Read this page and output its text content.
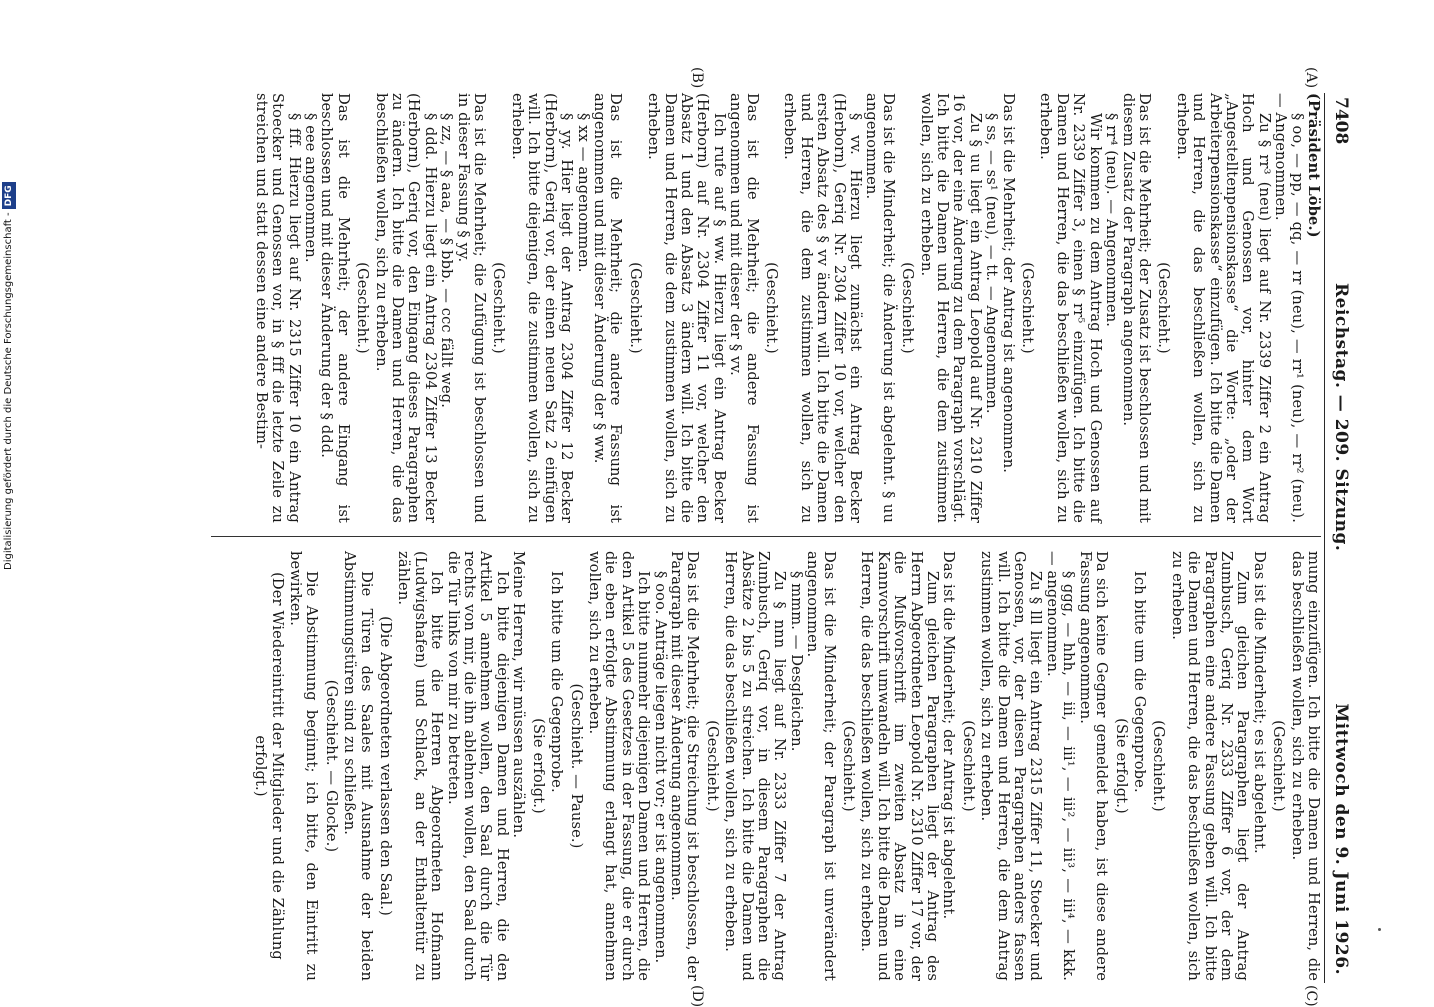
7408
Reichstag. — 209. Sitzung.
Mittwoch den 9. Juni 1926.

(Präsident Löbe.)

§ oo, — pp, — qq, — rr (neu), — rr¹ (neu), — rr² (neu). — Angenommen.

Zu § rr³ (neu) liegt auf Nr. 2339 Ziffer 2 ein Antrag Hoch und Genossen vor, hinter dem Wort „Angestelltenpensionskasse“ die Worte: „oder der Arbeiterpensionskasse“ einzufügen. Ich bitte die Damen und Herren, die das beschließen wollen, sich zu erheben.

(Geschieht.)

Das ist die Mehrheit; der Zusatz ist beschlossen und mit diesem Zusatz der Paragraph angenommen.

§ rr⁴ (neu). — Angenommen.

Wir kommen zu dem Antrag Hoch und Genossen auf Nr. 2339 Ziffer 3, einen § rr⁵ einzufügen. Ich bitte die Damen und Herren, die das beschließen wollen, sich zu erheben.

(Geschieht.)

Das ist die Mehrheit; der Antrag ist angenommen.

§ ss, — ss¹ (neu), — tt. — Angenommen.

Zu § uu liegt ein Antrag Leopold auf Nr. 2310 Ziffer 16 vor, der eine Änderung zu dem Paragraph vorschlägt. Ich bitte die Damen und Herren, die dem zustimmen wollen, sich zu erheben.

(Geschieht.)

Das ist die Minderheit; die Änderung ist abgelehnt. § uu angenommen.

§ vv. Hierzu liegt zunächst ein Antrag Becker (Herborn), Geriq Nr. 2304 Ziffer 10 vor, welcher den ersten Absatz des § vv ändern will. Ich bitte die Damen und Herren, die dem zustimmen wollen, sich zu erheben.

(Geschieht.)

Das ist die Mehrheit; die andere Fassung ist angenommen und mit dieser der § vv.

Ich rufe auf § ww. Hierzu liegt ein Antrag Becker (Herborn) auf Nr. 2304 Ziffer 11 vor, welcher den Absatz 1 und den Absatz 3 ändern will. Ich bitte die Damen und Herren, die dem zustimmen wollen, sich zu erheben.

(Geschieht.)

Das ist die Mehrheit; die andere Fassung ist angenommen und mit dieser Änderung der § ww.

§ xx — angenommen.

§ yy. Hier liegt der Antrag 2304 Ziffer 12 Becker (Herborn), Geriq vor, der einen neuen Satz 2 einfügen will. Ich bitte diejenigen, die zustimmen wollen, sich zu erheben.

(Geschieht.)

Das ist die Mehrheit; die Zufügung ist beschlossen und in dieser Fassung § yy.

§ zz, — § aaa, — § bbb. — ccc fällt weg.

§ ddd. Hierzu liegt ein Antrag 2304 Ziffer 13 Becker (Herborn), Geriq vor, den Eingang dieses Paragraphen zu ändern. Ich bitte die Damen und Herren, die das beschließen wollen, sich zu erheben.

(Geschieht.)

Das ist die Mehrheit; der andere Eingang ist beschlossen und mit dieser Änderung der § ddd.

§ eee angenommen.

§ fff. Hierzu liegt auf Nr. 2315 Ziffer 10 ein Antrag Stoecker und Genossen vor, in § fff die letzte Zeile zu streichen und statt dessen eine andere Bestim-

mung einzufügen. Ich bitte die Damen und Herren, die das beschließen wollen, sich zu erheben.

(Geschieht.)

Das ist die Minderheit; es ist abgelehnt.

Zum gleichen Paragraphen liegt der Antrag Zumbusch, Geriq Nr. 2333 Ziffer 6 vor, der dem Paragraphen eine andere Fassung geben will. Ich bitte die Damen und Herren, die das beschließen wollen, sich zu erheben.

(Geschieht.)

Ich bitte um die Gegenprobe.

(Sie erfolgt.)

Da sich keine Gegner gemeldet haben, ist diese andere Fassung angenommen.

§ ggg, — hhh, — iii, — iii¹, — iii², — iii³, — iii⁴, — kkk. — angenommen.

Zu § lll liegt ein Antrag 2315 Ziffer 11, Stoecker und Genossen, vor, der diesen Paragraphen anders fassen will. Ich bitte die Damen und Herren, die dem Antrag zustimmen wollen, sich zu erheben.

(Geschieht.)

Das ist die Minderheit; der Antrag ist abgelehnt.

Zum gleichen Paragraphen liegt der Antrag des Herrn Abgeordneten Leopold Nr. 2310 Ziffer 17 vor, der die Mußvorschrift im zweiten Absatz in eine Kannvorschrift umwandeln will. Ich bitte die Damen und Herren, die das beschließen wollen, sich zu erheben.

(Geschieht.)

Das ist die Minderheit; der Paragraph ist unverändert angenommen.

§ mmm. — Desgleichen.

Zu § nnn liegt auf Nr. 2333 Ziffer 7 der Antrag Zumbusch, Geriq vor, in diesem Paragraphen die Absätze 2 bis 5 zu streichen. Ich bitte die Damen und Herren, die das beschließen wollen, sich zu erheben.

(Geschieht.)

Das ist die Mehrheit; die Streichung ist beschlossen, der Paragraph mit dieser Änderung angenommen.

§ ooo. Anträge liegen nicht vor; er ist angenommen.

Ich bitte nunmehr diejenigen Damen und Herren, die den Artikel 5 des Gesetzes in der Fassung, die er durch die eben erfolgte Abstimmung erlangt hat, annehmen wollen, sich zu erheben.

(Geschieht. — Pause.)

Ich bitte um die Gegenprobe.

(Sie erfolgt.)

Meine Herren, wir müssen auszählen.

Ich bitte diejenigen Damen und Herren, die den Artikel 5 annehmen wollen, den Saal durch die Tür rechts von mir, die ihn ablehnen wollen, den Saal durch die Tür links von mir zu betreten.

Ich bitte die Herren Abgeordneten Hofmann (Ludwigshafen) und Schlack, an der Enthaltentür zu zählen.

(Die Abgeordneten verlassen den Saal.)

Die Türen des Saales mit Ausnahme der beiden Abstimmungstüren sind zu schließen.

(Geschieht. — Glocke.)

Die Abstimmung beginnt; ich bitte, den Eintritt zu bewirken.

(Der Wiedereintritt der Mitglieder und die Zählung erfolgt.)

(A)
(B)
(C)
(D)
Digitalisierung gefördert durch die Deutsche Forschungsgemeinschaft -DFG
